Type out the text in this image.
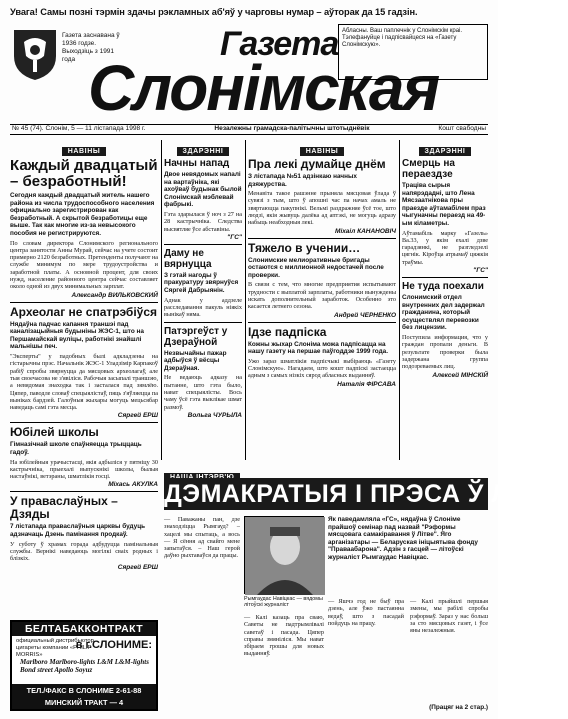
Увага! Самы позні тэрмін здачы рэкламных аб'яў у чарговы нумар – аўторак да 15 гадзін.
Газета заснавана ў 1936 годзе. Выходзіць з 1991 года	Газета
Слонімская
Абласны. Ваш паплечнік у Слонімскім краі. Тэлефануйце і падпісвайцеся на «Газету Слонімскую».
№ 45 (74). Слонім, 5 — 11 лістапада 1998 г.	Незалежны грамадска-палітычны штотыднёвік	Кошт свабодны
НАВІНЫ
Каждый двадцатый – безработный!
Сегодня каждый двадцатый житель нашего района из числа трудоспособного населения официально зарегистрирован как безработный. А скрытой безработицы еще выше. Так как многие из-за невысокого пособия не регистрируются.
По словам директора Слонимского регионального центра занятости Анны Мурай, сейчас на учете состоит примерно 2120 безработных. Претенденты получают на службе минимум по мере трудоустройства и заработной платы. А основной процент, для своих нужд, население районного центра сейчас составляет около одной из двух минимальных зарплат.
Александр ВИЛЬКОВСКИЙ
Археолаг не спатрэбіўся
Нядаўна падчас капання траншэі пад каналізацыйныя будыніны ЖЭС-1, што на Першамайскай вуліцы, работнікі знайшлі мальнішы печ.
"Эксперты" у падобных былі адкладзены на гістарычны прэс. Начальнік ЖЭС-1 Уладзімір Карпакоў рабіў спробы звярнуцца да мясцовых археолагаў, але тыя своечасова не з'явіліся. Рабочыя засыпалі траншэю, а невядомая знаходка так і засталася пад зямлёю. Цяпер, паводле словаў спецыялістаў, пяць з'яўляецца па выніках бардзей. Галоўныя жыхары могуць мецьсябар наведаць самі гэта месца.
Сяргей ЕРШ
Юбілей школы
Гімназічнай школе спаўняецца трыццаць гадоў.
На юбілейныя урачыстасці, якія адбыліся у пятніцу 30 кастрычніка, прыехалі выпускнікі школы, былыя настаўнікі, ветэраны, шматлікія госці.
Міхась АКУЛКА
У праваслаўных – Дзяды
7 лістапада праваслаўныя царквы будуць адзначаць Дзень памінання продкаў.
У суботу ў храмах горада адбудуцца памінальныя службы. Вернікі наведаюць могілкі сваіх родных і блізкіх.
Сяргей ЕРШ
БЕЛТАБАККОНТРАКТ
официальный дистрибьютор цигареты компании «PHILIP MORRIS»
в г.СЛОНИМЕ:
Marlboro Marlboro-lights L&M L&M-lights Bond street Apollo Soyuz
ТЕЛ./ФАКС В СЛОНИМЕ 2-61-88 МИНСКИЙ ТРАКТ — 4
ЗДАРЭННІ
Начны напад
Двое невядомых напалі на вартаўніка, які ахоўваў будынак былой Слонімскай мэблевай фабрыкі.
Гэта здарылася ў ноч з 27 на 28 кастрычніка. Следства высвятляе ўсе абставіны.
"ГС"
Даму не вярнуцца
З гэтай нагоды ў пракуратуру звярнуўся Сяргей Дабрыянін.
Аднак у аддзеле расследавання пакуль ніякіх вынікаў няма.
Патэргеўст у Дзераўной
Незвычайны пажар адбыўся ў вёсцы Дзераўная.
Не ведаюць адказу на пытанне, што гэта было, нават спецыялісты. Вось чаму ўсё гэта выклікае шмат размоў.
Вольга ЧУРЫЛА
НАВІНЫ
Пра лекі думайце днём
З лістапада №51 адзінкаю начных дзяжурства.
Менавіта такое рашэнне прыняла мясцовая ўлада ў сувязі з тым, што ў апошні час па начах амаль не звяртаюцца пакупнікі. Вельмі раздражняе ўсё тое, што людзі, якія жывуць далёка ад аптэкі, не могуць адразу набыць неабходныя лекі.
Міхаіл КАНАНОВІЧ
Тяжело в учении…
Слонимские мелиоративные бригады остаются с миллионной недостачей после проверки.
В связи с тем, что многие предприятия испытывают трудности с выплатой зарплаты, работники вынуждены искать дополнительный заработок. Особенно это касается летнего сезона.
Андрей ЧЕРНЕНКО
Ідзе падпіска
Кожны жыхар Слоніма можа падпісацца на нашу газету на першае паўгоддзе 1999 года.
Ужо зараз шматлікія падпісчыкі выбіраюць «Газету Слонімскую». Нагадаем, што кошт падпіскі застаецца адным з самых нізкіх сярод абласных выданняў.
Наталія ФІРСАВА
ЗДАРЭННІ
Смерць на пераездзе
Траціва сырыя напярэдадні, што Лена Мясзаатнікова пры праезде аўтамабілем праз чыгуначны пераезд на 49-ым кіламетры.
Аўтамабіль марку «Газель» Ва.33, у якім ехалі дзве гарадзянкі, не разгледзелі цягнік. Кіроўца атрымаў цяжкія траўмы.
"ГС"
Не туда поехали
Слонимский отдел внутренних дел задержал гражданина, который осуществлял перевозки без лицензии.
Поступила информация, что у граждан пропали деньги. В результате проверки была задержана группа подозреваемых лиц.
Алексей МІНСКІЙ
ДЭМАКРАТЫЯ І ПРЭСА Ў ЛІТВЕ
— Паважаны пан, дзе знаходзіцца Рымгауд? – хацелі мы спытаць, а вось — Я сёння ад свайго мене запытаўся. – Наш герой даўно рыхтаваўся да працы.
Рымгаудас Навіцкас — вядомы літоўскі журналіст
Як паведамляла «ГС», нядаўна ў Слоніме прайшоў семінар пад назвай "Рэформы мясцовага самакіравання ў Літве". Яго арганізатары — Беларуская ініцыятыва фонду "Праваабарона". Адзін з гасцей — літоўскі журналіст Рымгаудас Навіцкас.
— Калі казаць пра сваю, Саветы не падтрымлівалі саветаў і пасада. Цяпер справы змяніліся. Мы нават збіраем грошы для новых выданняў.
— Яшчэ год не быў пра дзень, але ўжо пастаянна ведаў, што з пасадай пойдуць на працу.
— Калі прыйшлі першыя змены, мы рабілі спробы рэформаў. Зараз у нас больш за сто мясцовых газет, і ўсе яны незалежныя.
(Працяг на 2 стар.)
